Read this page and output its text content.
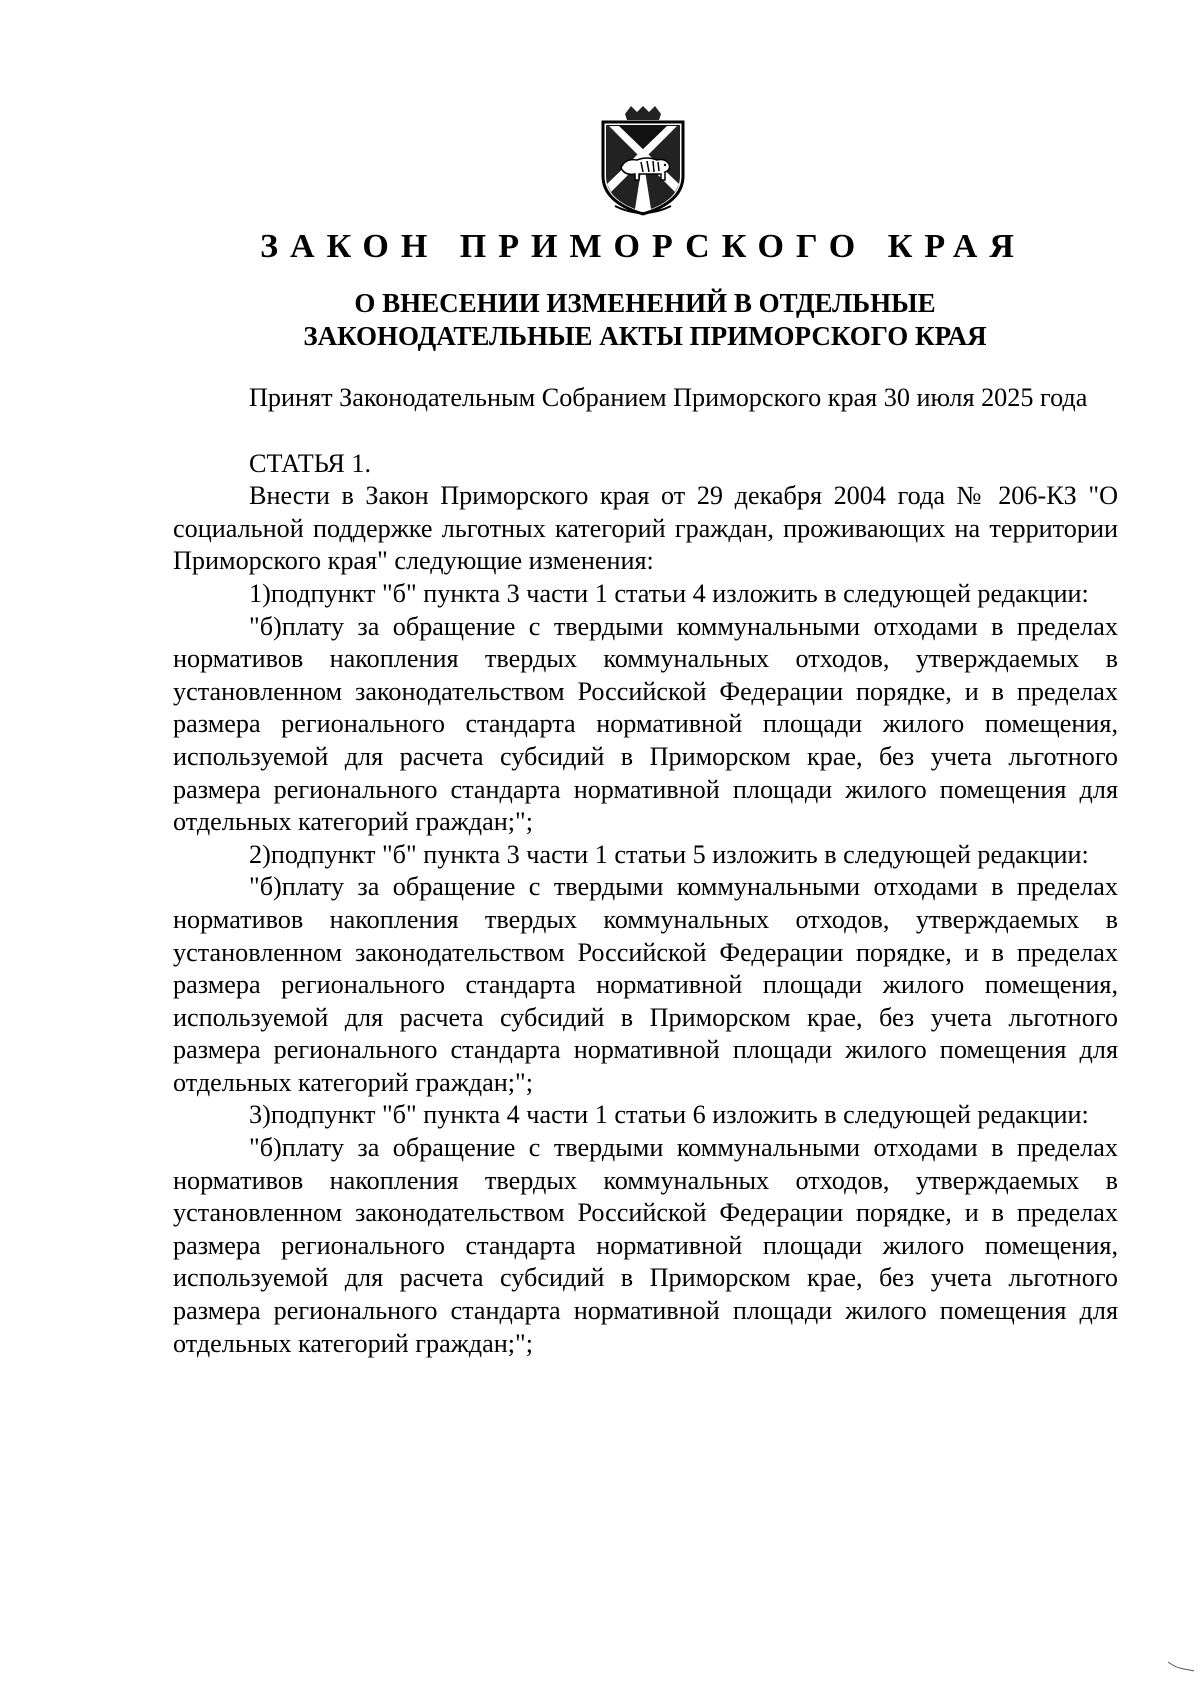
ЗАКОН ПРИМОРСКОГО КРАЯ
О ВНЕСЕНИИ ИЗМЕНЕНИЙ В ОТДЕЛЬНЫЕ
ЗАКОНОДАТЕЛЬНЫЕ АКТЫ ПРИМОРСКОГО КРАЯ

Принят Законодательным Собранием Приморского края 30 июля 2025 года

СТАТЬЯ 1.

Внести в Закон Приморского края от 29 декабря 2004 года № 206-КЗ "О социальной поддержке льготных категорий граждан, проживающих на территории Приморского края" следующие изменения:

1)подпункт "б" пункта 3 части 1 статьи 4 изложить в следующей редакции:

"б)плату за обращение с твердыми коммунальными отходами в пределах нормативов накопления твердых коммунальных отходов, утверждаемых в установленном законодательством Российской Федерации порядке, и в пределах размера регионального стандарта нормативной площади жилого помещения, используемой для расчета субсидий в Приморском крае, без учета льготного размера регионального стандарта нормативной площади жилого помещения для отдельных категорий граждан;";

2)подпункт "б" пункта 3 части 1 статьи 5 изложить в следующей редакции:

"б)плату за обращение с твердыми коммунальными отходами в пределах нормативов накопления твердых коммунальных отходов, утверждаемых в установленном законодательством Российской Федерации порядке, и в пределах размера регионального стандарта нормативной площади жилого помещения, используемой для расчета субсидий в Приморском крае, без учета льготного размера регионального стандарта нормативной площади жилого помещения для отдельных категорий граждан;";

3)подпункт "б" пункта 4 части 1 статьи 6 изложить в следующей редакции:

"б)плату за обращение с твердыми коммунальными отходами в пределах нормативов накопления твердых коммунальных отходов, утверждаемых в установленном законодательством Российской Федерации порядке, и в пределах размера регионального стандарта нормативной площади жилого помещения, используемой для расчета субсидий в Приморском крае, без учета льготного размера регионального стандарта нормативной площади жилого помещения для отдельных категорий граждан;";
